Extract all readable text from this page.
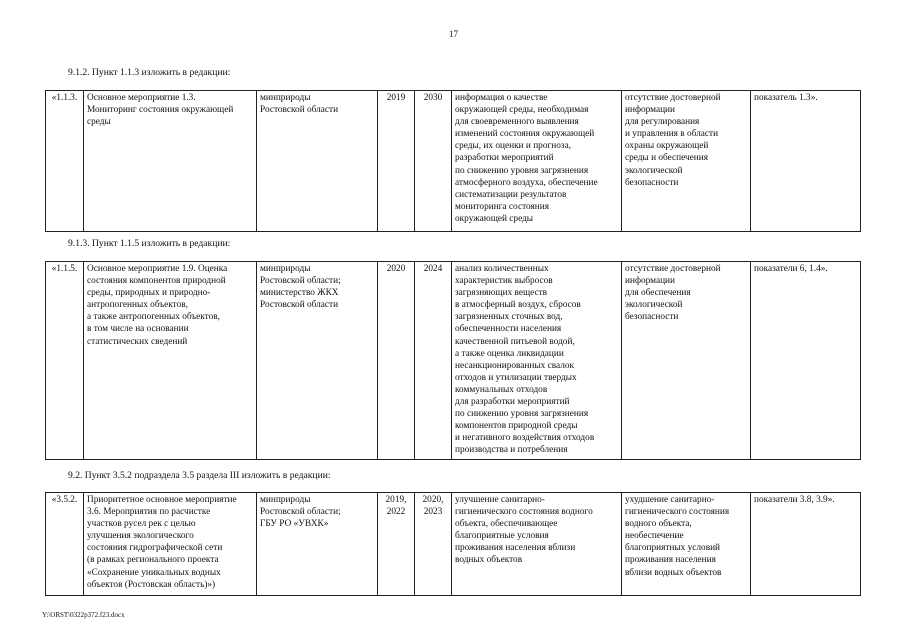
17
9.1.2. Пункт 1.1.3 изложить в редакции:
«1.1.3.	Основное мероприятие 1.3.
Мониторинг состояния окружающей среды	минприроды
Ростовской области	2019	2030	информация о качестве
окружающей среды, необходимая
для своевременного выявления
изменений состояния окружающей
среды, их оценки и прогноза,
разработки мероприятий
по снижению уровня загрязнения
атмосферного воздуха, обеспечение
систематизации результатов
мониторинга состояния
окружающей среды	отсутствие достоверной
информации
для регулирования
и управления в области
охраны окружающей
среды и обеспечения
экологической
безопасности	показатель 1.3».
9.1.3. Пункт 1.1.5 изложить в редакции:
«1.1.5.	Основное мероприятие 1.9. Оценка
состояния компонентов природной
среды, природных и природно-
антропогенных объектов,
а также антропогенных объектов,
в том числе на основании
статистических сведений	минприроды
Ростовской области;
министерство ЖКХ
Ростовской области	2020	2024	анализ количественных
характеристик выбросов
загрязняющих веществ
в атмосферный воздух, сбросов
загрязненных сточных вод,
обеспеченности населения
качественной питьевой водой,
а также оценка ликвидации
несанкционированных свалок
отходов и утилизации твердых
коммунальных отходов
для разработки мероприятий
по снижению уровня загрязнения
компонентов природной среды
и негативного воздействия отходов
производства и потребления	отсутствие достоверной
информации
для обеспечения
экологической
безопасности	показатели 6, 1.4».
9.2. Пункт 3.5.2 подраздела 3.5 раздела III изложить в редакции:
«3.5.2.	Приоритетное основное мероприятие
3.6. Мероприятия по расчистке
участков русел рек с целью
улучшения экологического
состояния гидрографической сети
(в рамках регионального проекта
«Сохранение уникальных водных
объектов (Ростовская область)»)	минприроды
Ростовской области;
ГБУ РО «УВХК»	2019,
2022	2020,
2023	улучшение санитарно-
гигиенического состояния водного
объекта, обеспечивающее
благоприятные условия
проживания населения вблизи
водных объектов	ухудшение санитарно-
гигиенического состояния
водного объекта,
необеспечение
благоприятных условий
проживания населения
вблизи водных объектов	показатели 3.8, 3.9».
Y:\ORST\0322p372.f23.docx
